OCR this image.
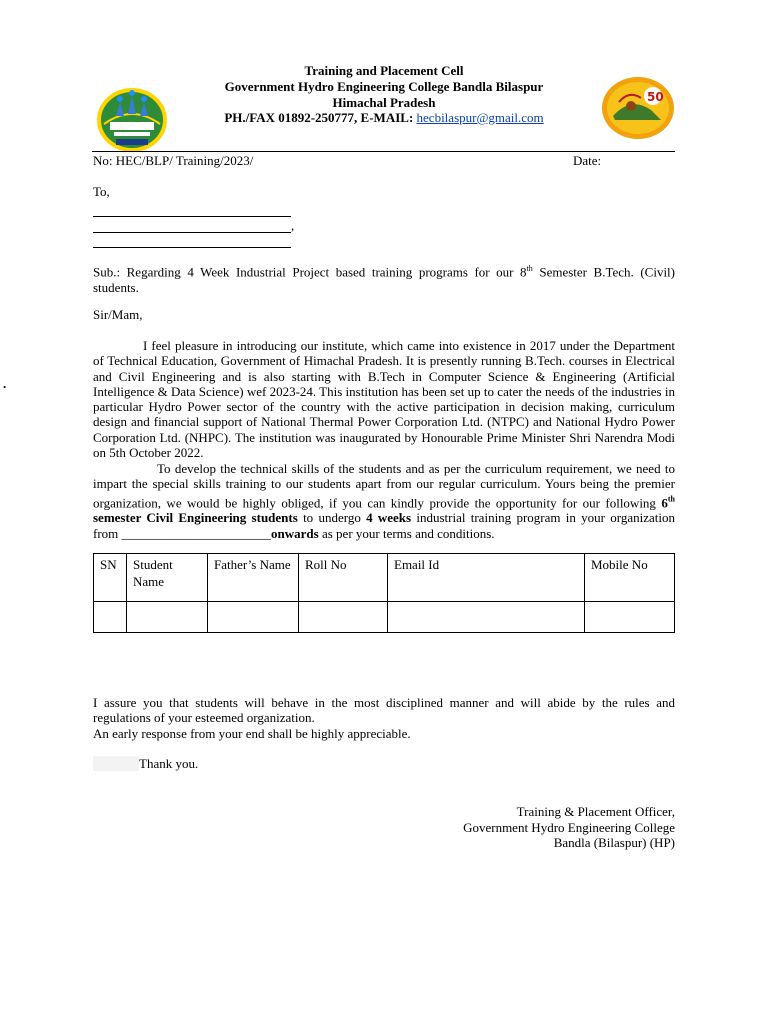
Training and Placement Cell
Government Hydro Engineering College Bandla Bilaspur
Himachal Pradesh
PH./FAX 01892-250777, E-MAIL: hecbilaspur@gmail.com
50
No: HEC/BLP/ Training/2023/	Date:
To,
,
Sub.: Regarding 4 Week Industrial Project based training programs for our 8th Semester B.Tech. (Civil) students.
Sir/Mam,
I feel pleasure in introducing our institute, which came into existence in 2017 under the Department of Technical Education, Government of Himachal Pradesh. It is presently running B.Tech. courses in Electrical and Civil Engineering and is also starting with B.Tech in Computer Science & Engineering (Artificial Intelligence & Data Science) wef 2023-24. This institution has been set up to cater the needs of the industries in particular Hydro Power sector of the country with the active participation in decision making, curriculum design and financial support of National Thermal Power Corporation Ltd. (NTPC) and National Hydro Power Corporation Ltd. (NHPC). The institution was inaugurated by Honourable Prime Minister Shri Narendra Modi on 5th October 2022.
To develop the technical skills of the students and as per the curriculum requirement, we need to impart the special skills training to our students apart from our regular curriculum. Yours being the premier organization, we would be highly obliged, if you can kindly provide the opportunity for our following 6th semester Civil Engineering students to undergo 4 weeks industrial training program in your organization from _______________________onwards as per your terms and conditions.
SN	Student Name	Father’s Name	Roll No	Email Id	Mobile No

I assure you that students will behave in the most disciplined manner and will abide by the rules and regulations of your esteemed organization.
An early response from your end shall be highly appreciable.
Thank you.
Training & Placement Officer,
Government Hydro Engineering College
Bandla (Bilaspur) (HP)
.
